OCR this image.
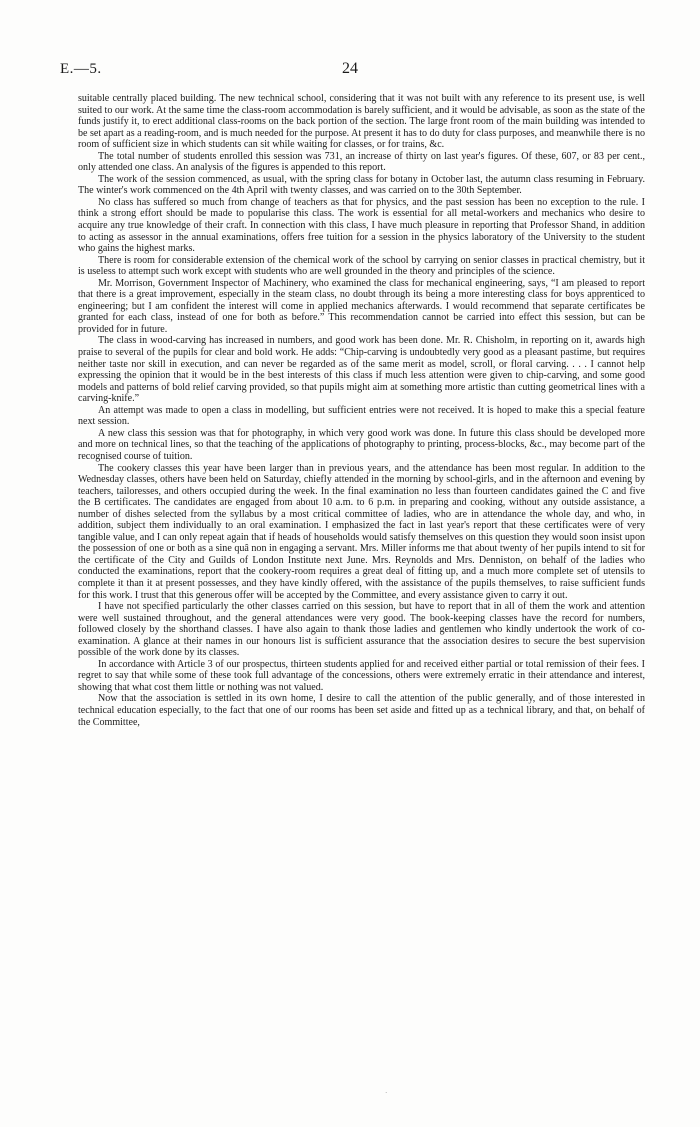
E.—5.	24

suitable centrally placed building. The new technical school, considering that it was not built with any reference to its present use, is well suited to our work. At the same time the class-room accommodation is barely sufficient, and it would be advisable, as soon as the state of the funds justify it, to erect additional class-rooms on the back portion of the section. The large front room of the main building was intended to be set apart as a reading-room, and is much needed for the purpose. At present it has to do duty for class purposes, and meanwhile there is no room of sufficient size in which students can sit while waiting for classes, or for trains, &c.

The total number of students enrolled this session was 731, an increase of thirty on last year's figures. Of these, 607, or 83 per cent., only attended one class. An analysis of the figures is appended to this report.

The work of the session commenced, as usual, with the spring class for botany in October last, the autumn class resuming in February. The winter's work commenced on the 4th April with twenty classes, and was carried on to the 30th September.

No class has suffered so much from change of teachers as that for physics, and the past session has been no exception to the rule. I think a strong effort should be made to popularise this class. The work is essential for all metal-workers and mechanics who desire to acquire any true knowledge of their craft. In connection with this class, I have much pleasure in reporting that Professor Shand, in addition to acting as assessor in the annual examinations, offers free tuition for a session in the physics laboratory of the University to the student who gains the highest marks.

There is room for considerable extension of the chemical work of the school by carrying on senior classes in practical chemistry, but it is useless to attempt such work except with students who are well grounded in the theory and principles of the science.

Mr. Morrison, Government Inspector of Machinery, who examined the class for mechanical engineering, says, “I am pleased to report that there is a great improvement, especially in the steam class, no doubt through its being a more interesting class for boys apprenticed to engineering; but I am confident the interest will come in applied mechanics afterwards. I would recommend that separate certificates be granted for each class, instead of one for both as before.” This recommendation cannot be carried into effect this session, but can be provided for in future.

The class in wood-carving has increased in numbers, and good work has been done. Mr. R. Chisholm, in reporting on it, awards high praise to several of the pupils for clear and bold work. He adds: “Chip-carving is undoubtedly very good as a pleasant pastime, but requires neither taste nor skill in execution, and can never be regarded as of the same merit as model, scroll, or floral carving. . . . I cannot help expressing the opinion that it would be in the best interests of this class if much less attention were given to chip-carving, and some good models and patterns of bold relief carving provided, so that pupils might aim at something more artistic than cutting geometrical lines with a carving-knife.”

An attempt was made to open a class in modelling, but sufficient entries were not received. It is hoped to make this a special feature next session.

A new class this session was that for photography, in which very good work was done. In future this class should be developed more and more on technical lines, so that the teaching of the applications of photography to printing, process-blocks, &c., may become part of the recognised course of tuition.

The cookery classes this year have been larger than in previous years, and the attendance has been most regular. In addition to the Wednesday classes, others have been held on Saturday, chiefly attended in the morning by school-girls, and in the afternoon and evening by teachers, tailoresses, and others occupied during the week. In the final examination no less than fourteen candidates gained the C and five the B certificates. The candidates are engaged from about 10 a.m. to 6 p.m. in preparing and cooking, without any outside assistance, a number of dishes selected from the syllabus by a most critical committee of ladies, who are in attendance the whole day, and who, in addition, subject them individually to an oral examination. I emphasized the fact in last year's report that these certificates were of very tangible value, and I can only repeat again that if heads of households would satisfy themselves on this question they would soon insist upon the possession of one or both as a sine quâ non in engaging a servant. Mrs. Miller informs me that about twenty of her pupils intend to sit for the certificate of the City and Guilds of London Institute next June. Mrs. Reynolds and Mrs. Denniston, on behalf of the ladies who conducted the examinations, report that the cookery-room requires a great deal of fitting up, and a much more complete set of utensils to complete it than it at present possesses, and they have kindly offered, with the assistance of the pupils themselves, to raise sufficient funds for this work. I trust that this generous offer will be accepted by the Committee, and every assistance given to carry it out.

I have not specified particularly the other classes carried on this session, but have to report that in all of them the work and attention were well sustained throughout, and the general attendances were very good. The book-keeping classes have the record for numbers, followed closely by the shorthand classes. I have also again to thank those ladies and gentlemen who kindly undertook the work of co-examination. A glance at their names in our honours list is sufficient assurance that the association desires to secure the best supervision possible of the work done by its classes.

In accordance with Article 3 of our prospectus, thirteen students applied for and received either partial or total remission of their fees. I regret to say that while some of these took full advantage of the concessions, others were extremely erratic in their attendance and interest, showing that what cost them little or nothing was not valued.

Now that the association is settled in its own home, I desire to call the attention of the public generally, and of those interested in technical education especially, to the fact that one of our rooms has been set aside and fitted up as a technical library, and that, on behalf of the Committee,

·
